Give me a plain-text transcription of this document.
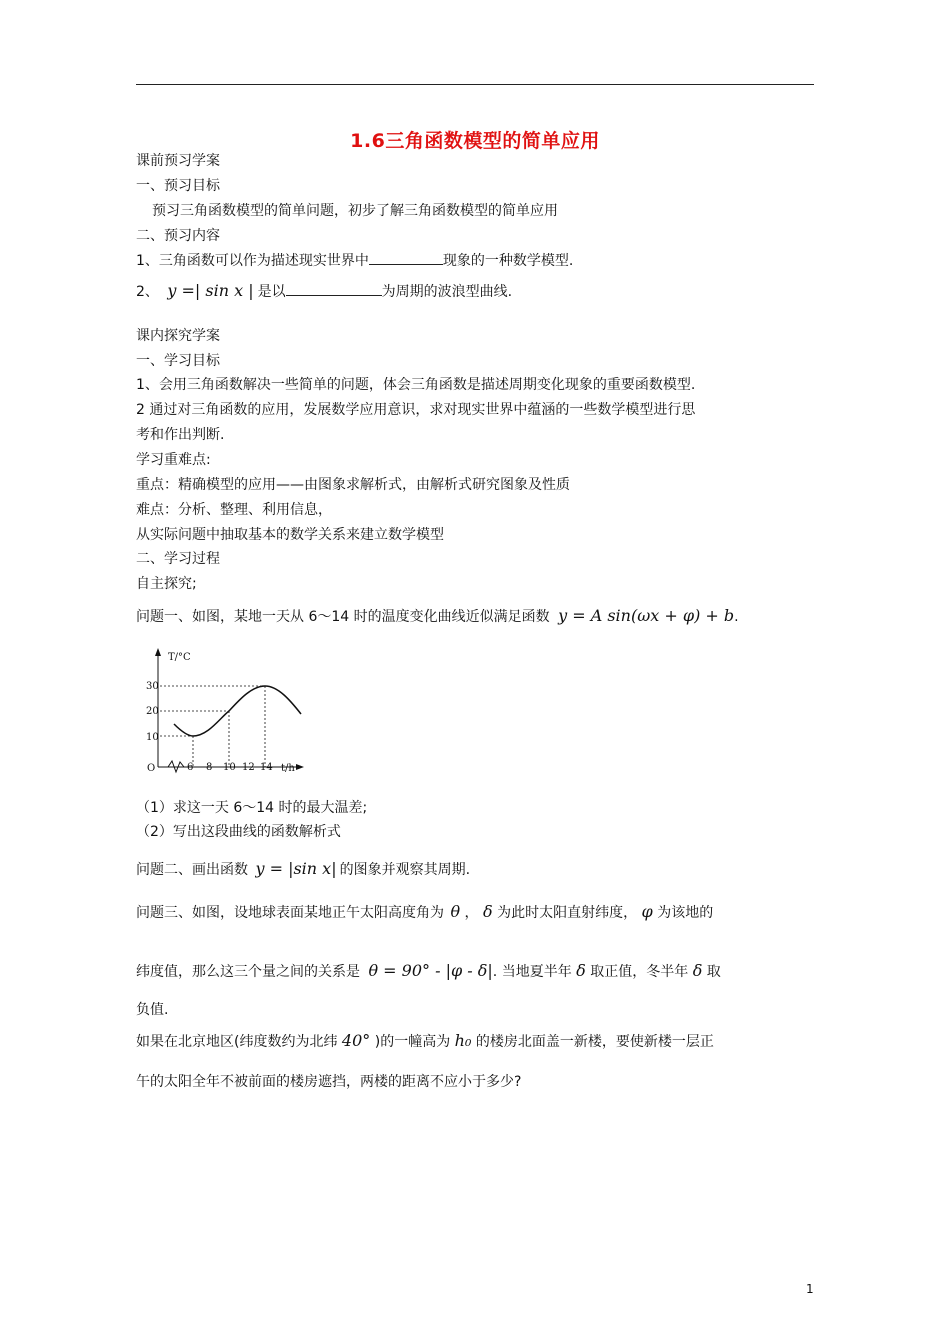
1.6三角函数模型的简单应用
课前预习学案
一、预习目标
预习三角函数模型的简单问题，初步了解三角函数模型的简单应用
二、预习内容
1、三角函数可以作为描述现实世界中	现象的一种数学模型.
2、 y =| sin x | 是以	为周期的波浪型曲线.
课内探究学案
一、学习目标
1、会用三角函数解决一些简单的问题，体会三角函数是描述周期变化现象的重要函数模型.
2 通过对三角函数的应用，发展数学应用意识，求对现实世界中蕴涵的一些数学模型进行思
考和作出判断.
学习重难点:
重点：精确模型的应用——由图象求解析式，由解析式研究图象及性质
难点：分析、整理、利用信息，
从实际问题中抽取基本的数学关系来建立数学模型
二、学习过程
自主探究;
问题一、如图，某地一天从 6～14 时的温度变化曲线近似满足函数 y = A sin(ωx + φ) + b.
T/°C
30
20
10
O	6 8 10 12 14 t/h
（1）求这一天 6～14 时的最大温差;
（2）写出这段曲线的函数解析式
问题二、画出函数 y = |sin x| 的图象并观察其周期.
问题三、如图，设地球表面某地正午太阳高度角为 θ ， δ 为此时太阳直射纬度， φ 为该地的
纬度值，那么这三个量之间的关系是 θ = 90° - |φ - δ|. 当地夏半年 δ 取正值，冬半年 δ 取
负值.
如果在北京地区(纬度数约为北纬 40° )的一幢高为 h₀ 的楼房北面盖一新楼，要使新楼一层正
午的太阳全年不被前面的楼房遮挡，两楼的距离不应小于多少?
1
